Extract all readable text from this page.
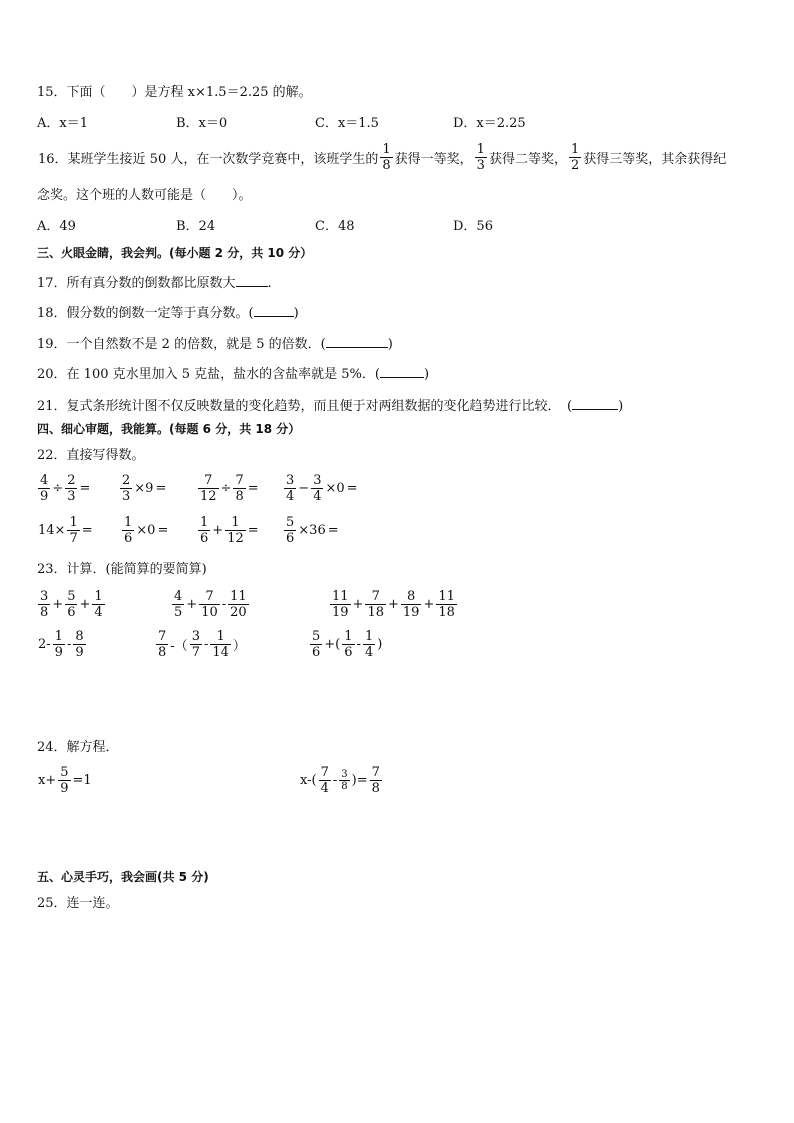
15．下面（　　）是方程 x×1.5＝2.25 的解。
A．x＝1	B．x＝0	C．x＝1.5	D．x＝2.25
16．某班学生接近 50 人，在一次数学竞赛中，该班学生的 $\frac{1}{8}$ 获得一等奖， $\frac{1}{3}$ 获得二等奖， $\frac{1}{2}$ 获得三等奖，其余获得纪
念奖。这个班的人数可能是（　　）。
A．49	B．24	C．48	D．56
三、火眼金睛，我会判。(每小题 2 分，共 10 分）
17．所有真分数的倒数都比原数大 .
18．假分数的倒数一定等于真分数。(	)
19．一个自然数不是 2 的倍数，就是 5 的倍数．(	)
20．在 100 克水里加入 5 克盐，盐水的含盐率就是 5%．(	)
21．复式条形统计图不仅反映数量的变化趋势，而且便于对两组数据的变化趋势进行比较．　(	)
四、细心审题，我能算。(每题 6 分，共 18 分）
22．直接写得数。
$\frac{4}{9} \div \frac{2}{3} = \frac{2}{3} \times 9 = \frac{7}{12} \div \frac{7}{8} = \frac{3}{4} - \frac{3}{4} \times 0$ =
$14\times \frac{1}{7} = \frac{1}{6} \times 0 = \frac{1}{6} + \frac{1}{12} = \frac{5}{6} \times 36$ =
23．计算．(能简算的要简算)
$\frac{3}{8} + \frac{5}{6} + \frac{1}{4}$	$\frac{4}{5} + \frac{7}{10} - \frac{11}{20}$	$\frac{11}{19} + \frac{7}{18} + \frac{8}{19} + \frac{11}{18}$
$2- \frac{1}{9} - \frac{8}{9}$	$\frac{7}{8}$ -（ $\frac{3}{7} - \frac{1}{14}$ ）	$\frac{5}{6}$ +( $\frac{1}{6} - \frac{1}{4}$ )
24．解方程．
$x+ \frac{5}{9} =1$	$x-( \frac{7}{4} - \frac{3}{8}$ )= $\frac{7}{8}$
五、心灵手巧，我会画(共 5 分)
25．连一连。
